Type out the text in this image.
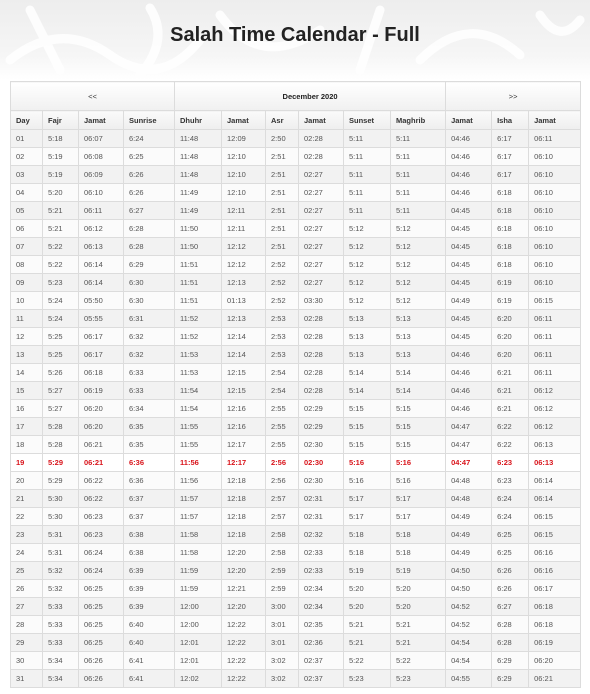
Salah Time Calendar - Full
<<				December 2020						>>		
Day	Fajr	Jamat	Sunrise	Dhuhr	Jamat	Asr	Jamat	Sunset	Maghrib	Jamat	Isha	Jamat
01	5:18	06:07	6:24	11:48	12:09	2:50	02:28	5:11	5:11	04:46	6:17	06:11
02	5:19	06:08	6:25	11:48	12:10	2:51	02:28	5:11	5:11	04:46	6:17	06:10
03	5:19	06:09	6:26	11:48	12:10	2:51	02:27	5:11	5:11	04:46	6:17	06:10
04	5:20	06:10	6:26	11:49	12:10	2:51	02:27	5:11	5:11	04:46	6:18	06:10
05	5:21	06:11	6:27	11:49	12:11	2:51	02:27	5:11	5:11	04:45	6:18	06:10
06	5:21	06:12	6:28	11:50	12:11	2:51	02:27	5:12	5:12	04:45	6:18	06:10
07	5:22	06:13	6:28	11:50	12:12	2:51	02:27	5:12	5:12	04:45	6:18	06:10
08	5:22	06:14	6:29	11:51	12:12	2:52	02:27	5:12	5:12	04:45	6:18	06:10
09	5:23	06:14	6:30	11:51	12:13	2:52	02:27	5:12	5:12	04:45	6:19	06:10
10	5:24	05:50	6:30	11:51	01:13	2:52	03:30	5:12	5:12	04:49	6:19	06:15
11	5:24	05:55	6:31	11:52	12:13	2:53	02:28	5:13	5:13	04:45	6:20	06:11
12	5:25	06:17	6:32	11:52	12:14	2:53	02:28	5:13	5:13	04:45	6:20	06:11
13	5:25	06:17	6:32	11:53	12:14	2:53	02:28	5:13	5:13	04:46	6:20	06:11
14	5:26	06:18	6:33	11:53	12:15	2:54	02:28	5:14	5:14	04:46	6:21	06:11
15	5:27	06:19	6:33	11:54	12:15	2:54	02:28	5:14	5:14	04:46	6:21	06:12
16	5:27	06:20	6:34	11:54	12:16	2:55	02:29	5:15	5:15	04:46	6:21	06:12
17	5:28	06:20	6:35	11:55	12:16	2:55	02:29	5:15	5:15	04:47	6:22	06:12
18	5:28	06:21	6:35	11:55	12:17	2:55	02:30	5:15	5:15	04:47	6:22	06:13
19	5:29	06:21	6:36	11:56	12:17	2:56	02:30	5:16	5:16	04:47	6:23	06:13
20	5:29	06:22	6:36	11:56	12:18	2:56	02:30	5:16	5:16	04:48	6:23	06:14
21	5:30	06:22	6:37	11:57	12:18	2:57	02:31	5:17	5:17	04:48	6:24	06:14
22	5:30	06:23	6:37	11:57	12:18	2:57	02:31	5:17	5:17	04:49	6:24	06:15
23	5:31	06:23	6:38	11:58	12:18	2:58	02:32	5:18	5:18	04:49	6:25	06:15
24	5:31	06:24	6:38	11:58	12:20	2:58	02:33	5:18	5:18	04:49	6:25	06:16
25	5:32	06:24	6:39	11:59	12:20	2:59	02:33	5:19	5:19	04:50	6:26	06:16
26	5:32	06:25	6:39	11:59	12:21	2:59	02:34	5:20	5:20	04:50	6:26	06:17
27	5:33	06:25	6:39	12:00	12:20	3:00	02:34	5:20	5:20	04:52	6:27	06:18
28	5:33	06:25	6:40	12:00	12:22	3:01	02:35	5:21	5:21	04:52	6:28	06:18
29	5:33	06:25	6:40	12:01	12:22	3:01	02:36	5:21	5:21	04:54	6:28	06:19
30	5:34	06:26	6:41	12:01	12:22	3:02	02:37	5:22	5:22	04:54	6:29	06:20
31	5:34	06:26	6:41	12:02	12:22	3:02	02:37	5:23	5:23	04:55	6:29	06:21
